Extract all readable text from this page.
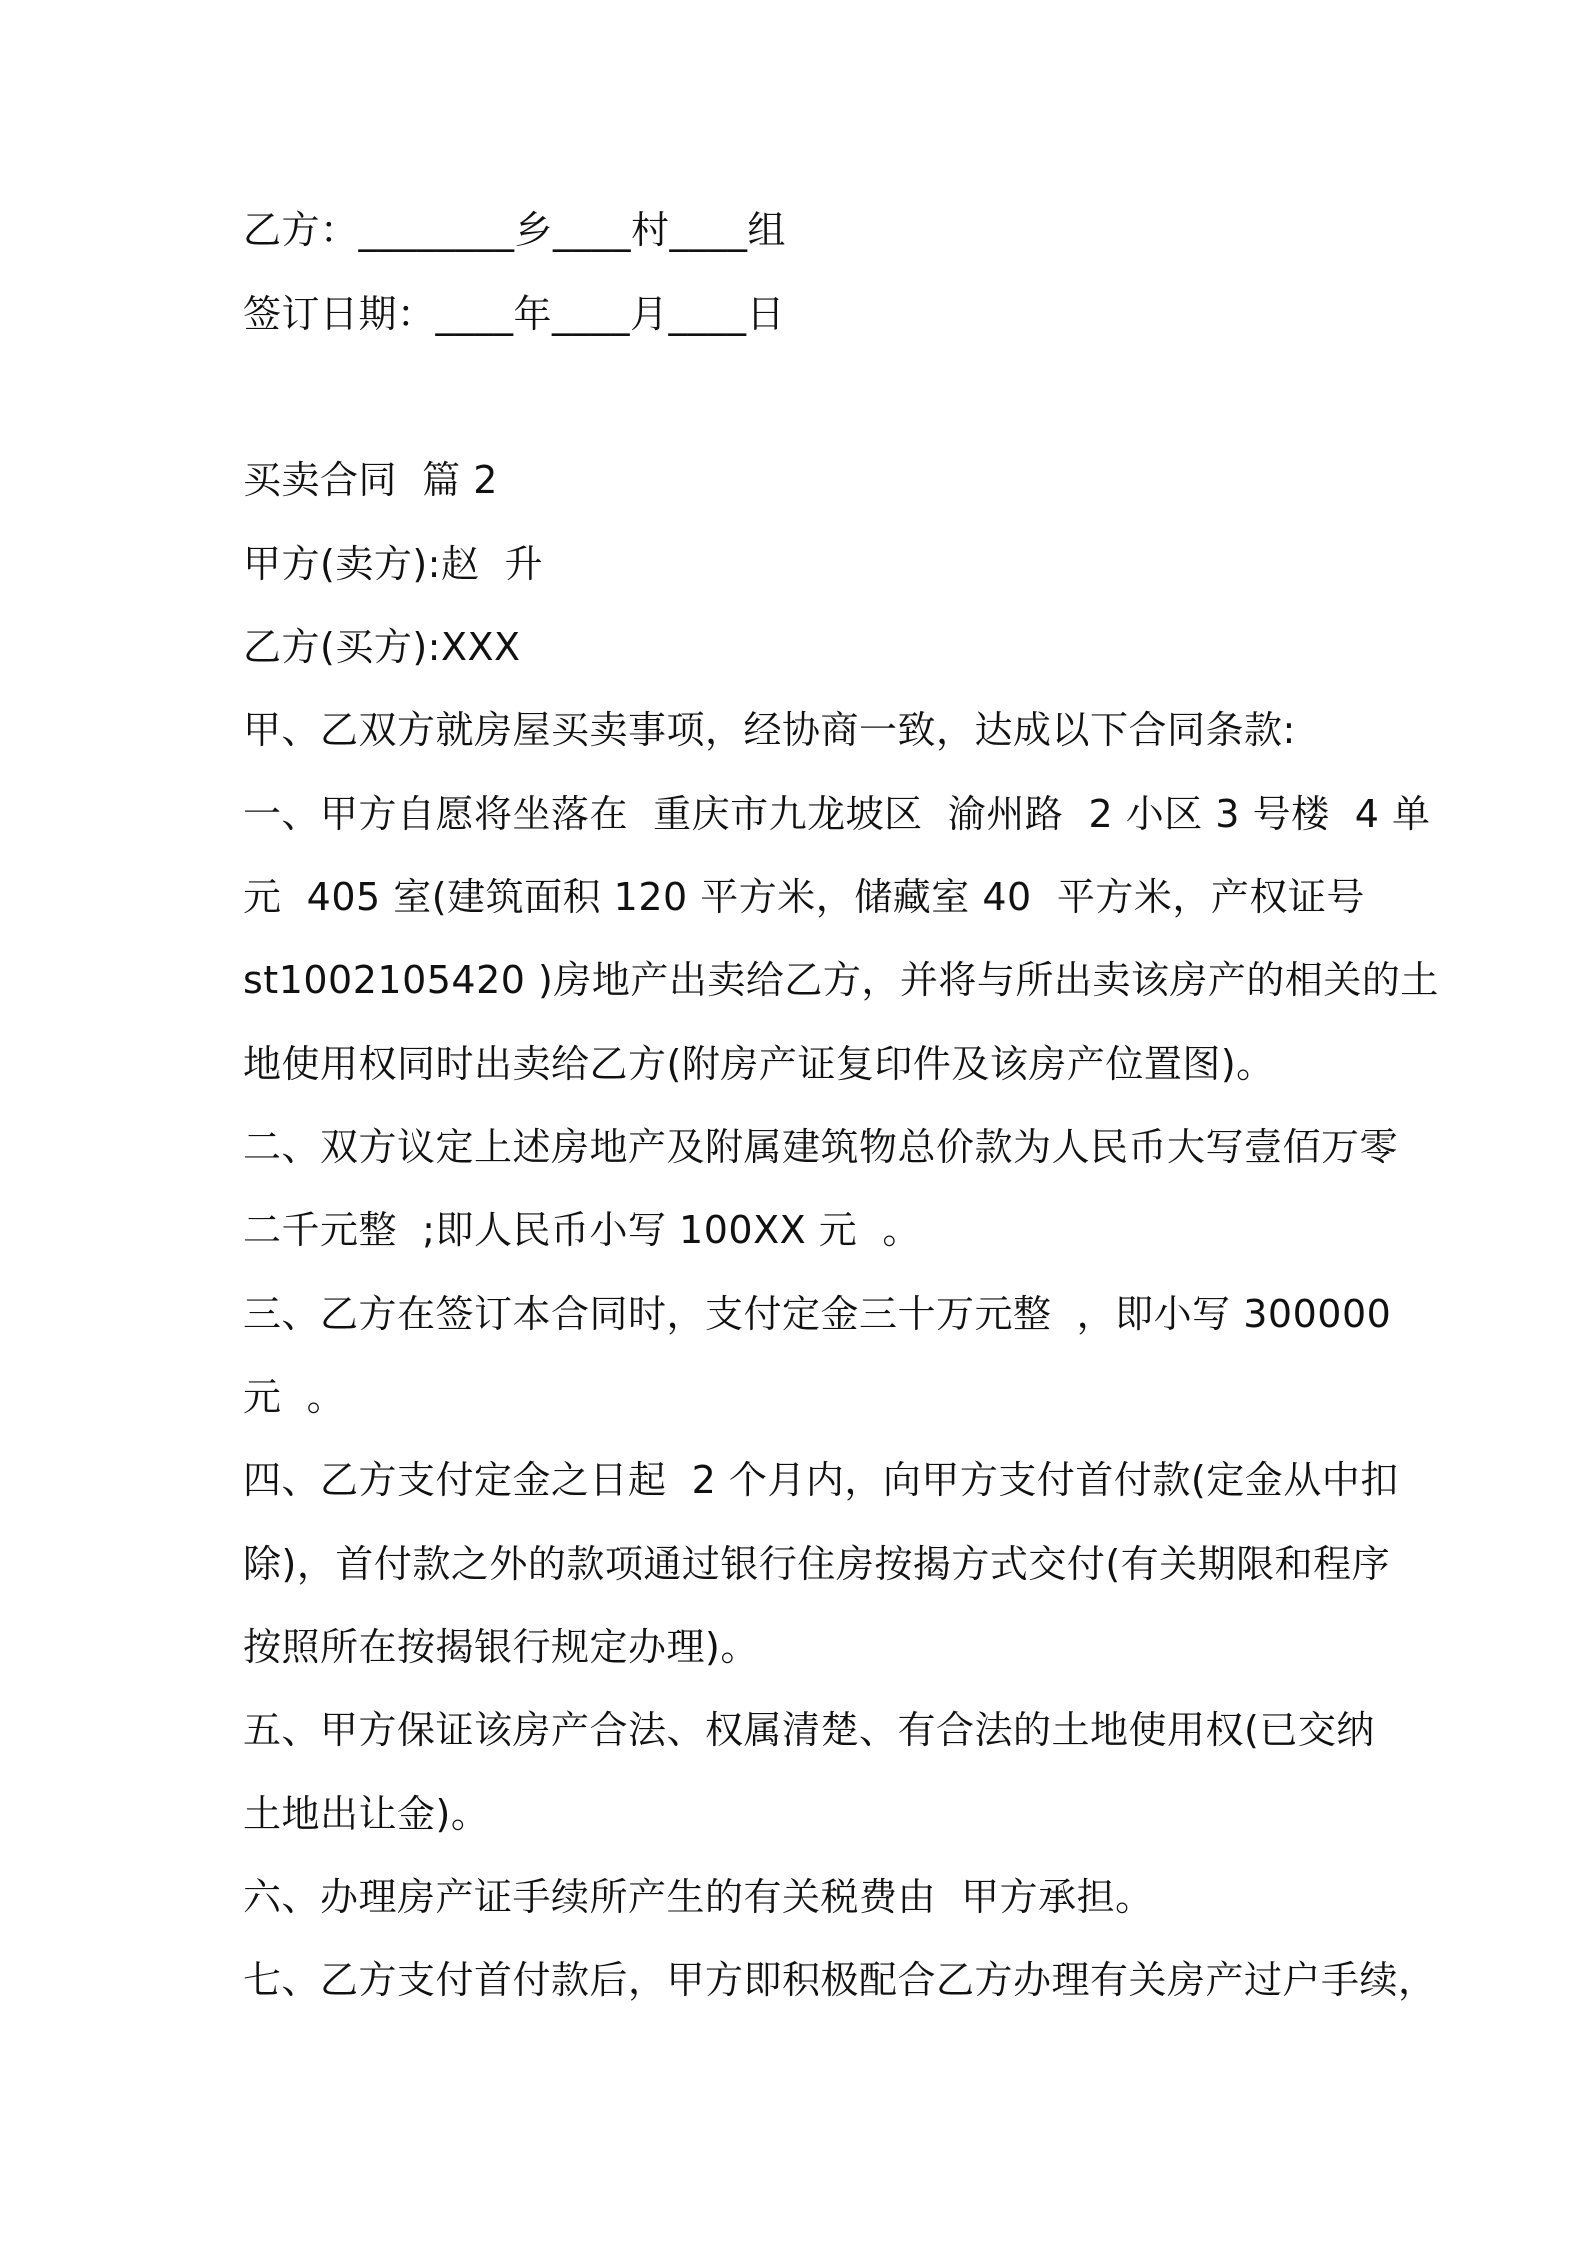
乙方：________乡____村____组
签订日期：____年____月____日
买卖合同  篇 2
甲方(卖方):赵  升
乙方(买方):XXX
甲、乙双方就房屋买卖事项，经协商一致，达成以下合同条款:
一、甲方自愿将坐落在  重庆市九龙坡区  渝州路  2 小区 3 号楼  4 单
元  405 室(建筑面积 120 平方米，储藏室 40  平方米，产权证号
st1002105420 )房地产出卖给乙方，并将与所出卖该房产的相关的土
地使用权同时出卖给乙方(附房产证复印件及该房产位置图)。
二、双方议定上述房地产及附属建筑物总价款为人民币大写壹佰万零
二千元整  ;即人民币小写 100XX 元  。
三、乙方在签订本合同时，支付定金三十万元整  ，即小写 300000
元  。
四、乙方支付定金之日起  2 个月内，向甲方支付首付款(定金从中扣
除)，首付款之外的款项通过银行住房按揭方式交付(有关期限和程序
按照所在按揭银行规定办理)。
五、甲方保证该房产合法、权属清楚、有合法的土地使用权(已交纳
土地出让金)。
六、办理房产证手续所产生的有关税费由  甲方承担。
七、乙方支付首付款后，甲方即积极配合乙方办理有关房产过户手续，
